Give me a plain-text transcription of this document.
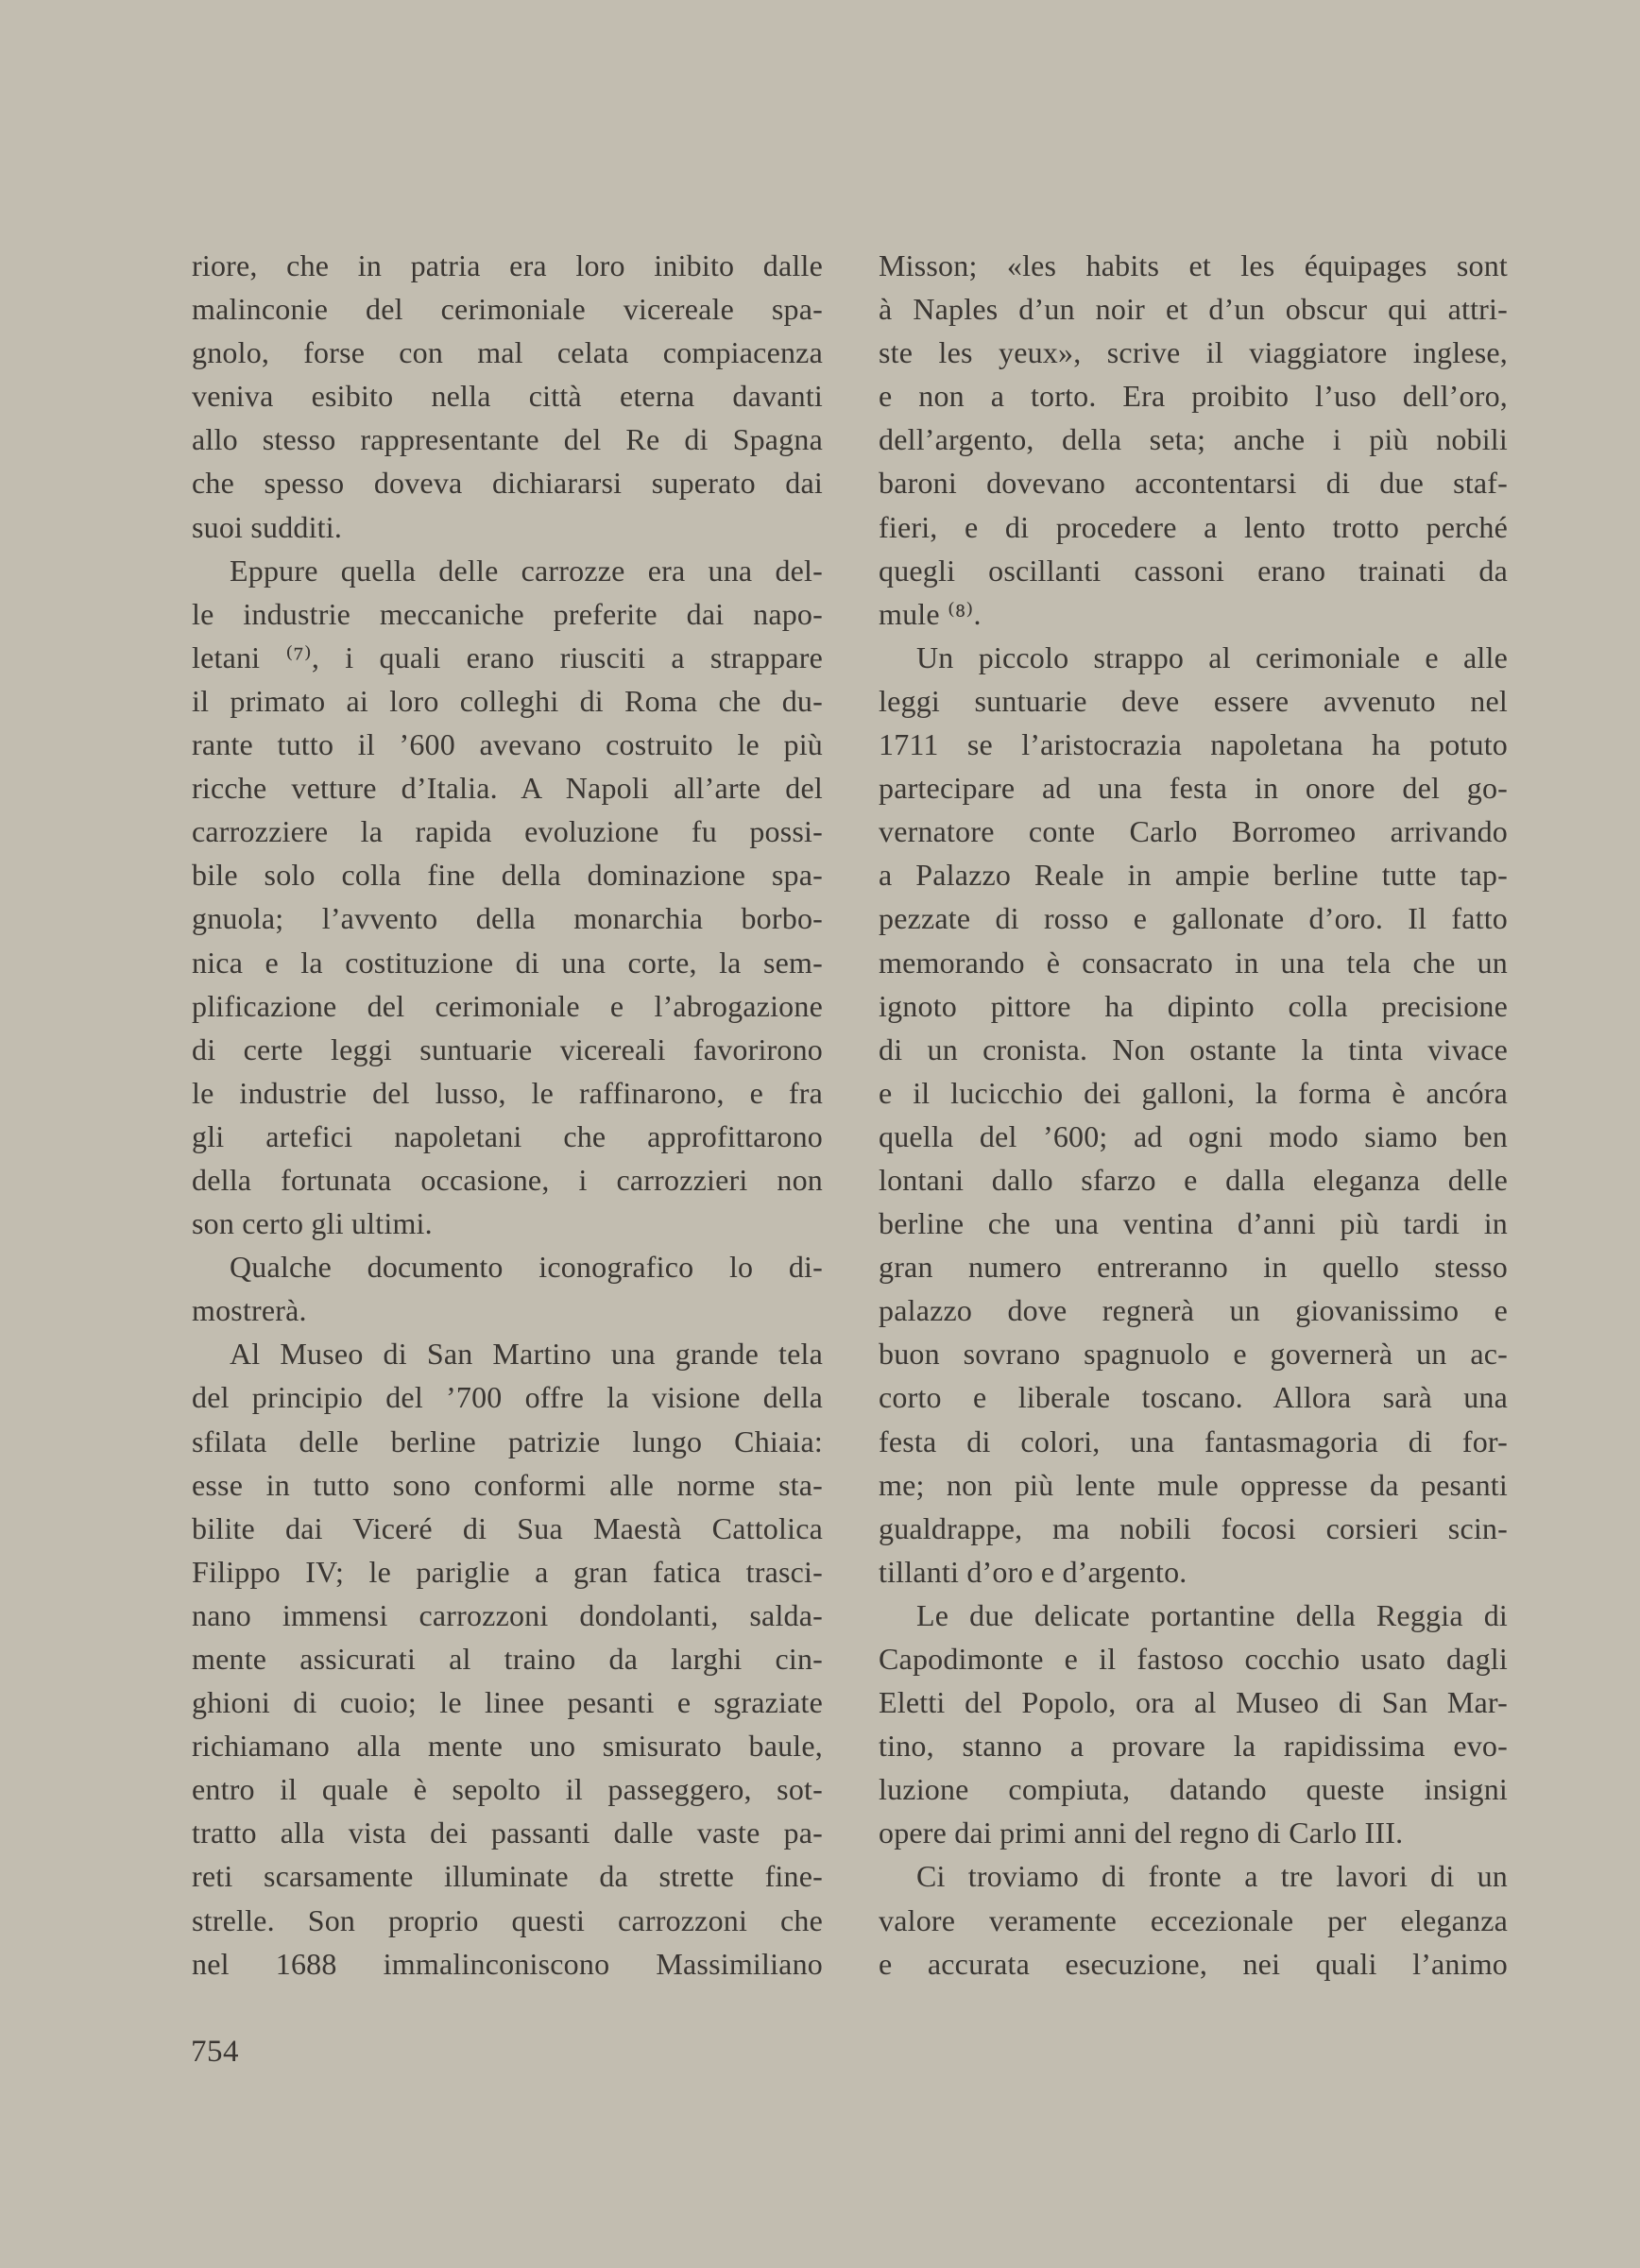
riore, che in patria era loro inibito dalle
malinconie del cerimoniale vicereale spa-
gnolo, forse con mal celata compiacenza
veniva esibito nella città eterna davanti
allo stesso rappresentante del Re di Spagna
che spesso doveva dichiararsi superato dai
suoi sudditi.
Eppure quella delle carrozze era una del-
le industrie meccaniche preferite dai napo-
letani ⁽⁷⁾, i quali erano riusciti a strappare
il primato ai loro colleghi di Roma che du-
rante tutto il ’600 avevano costruito le più
ricche vetture d’Italia. A Napoli all’arte del
carrozziere la rapida evoluzione fu possi-
bile solo colla fine della dominazione spa-
gnuola; l’avvento della monarchia borbo-
nica e la costituzione di una corte, la sem-
plificazione del cerimoniale e l’abrogazione
di certe leggi suntuarie vicereali favorirono
le industrie del lusso, le raffinarono, e fra
gli artefici napoletani che approfittarono
della fortunata occasione, i carrozzieri non
son certo gli ultimi.
Qualche documento iconografico lo di-
mostrerà.
Al Museo di San Martino una grande tela
del principio del ’700 offre la visione della
sfilata delle berline patrizie lungo Chiaia:
esse in tutto sono conformi alle norme sta-
bilite dai Viceré di Sua Maestà Cattolica
Filippo IV; le pariglie a gran fatica trasci-
nano immensi carrozzoni dondolanti, salda-
mente assicurati al traino da larghi cin-
ghioni di cuoio; le linee pesanti e sgraziate
richiamano alla mente uno smisurato baule,
entro il quale è sepolto il passeggero, sot-
tratto alla vista dei passanti dalle vaste pa-
reti scarsamente illuminate da strette fine-
strelle. Son proprio questi carrozzoni che
nel 1688 immalinconiscono Massimiliano
Misson; «les habits et les équipages sont
à Naples d’un noir et d’un obscur qui attri-
ste les yeux», scrive il viaggiatore inglese,
e non a torto. Era proibito l’uso dell’oro,
dell’argento, della seta; anche i più nobili
baroni dovevano accontentarsi di due staf-
fieri, e di procedere a lento trotto perché
quegli oscillanti cassoni erano trainati da
mule ⁽⁸⁾.
Un piccolo strappo al cerimoniale e alle
leggi suntuarie deve essere avvenuto nel
1711 se l’aristocrazia napoletana ha potuto
partecipare ad una festa in onore del go-
vernatore conte Carlo Borromeo arrivando
a Palazzo Reale in ampie berline tutte tap-
pezzate di rosso e gallonate d’oro. Il fatto
memorando è consacrato in una tela che un
ignoto pittore ha dipinto colla precisione
di un cronista. Non ostante la tinta vivace
e il lucicchio dei galloni, la forma è ancóra
quella del ’600; ad ogni modo siamo ben
lontani dallo sfarzo e dalla eleganza delle
berline che una ventina d’anni più tardi in
gran numero entreranno in quello stesso
palazzo dove regnerà un giovanissimo e
buon sovrano spagnuolo e governerà un ac-
corto e liberale toscano. Allora sarà una
festa di colori, una fantasmagoria di for-
me; non più lente mule oppresse da pesanti
gualdrappe, ma nobili focosi corsieri scin-
tillanti d’oro e d’argento.
Le due delicate portantine della Reggia di
Capodimonte e il fastoso cocchio usato dagli
Eletti del Popolo, ora al Museo di San Mar-
tino, stanno a provare la rapidissima evo-
luzione compiuta, datando queste insigni
opere dai primi anni del regno di Carlo III.
Ci troviamo di fronte a tre lavori di un
valore veramente eccezionale per eleganza
e accurata esecuzione, nei quali l’animo
754
